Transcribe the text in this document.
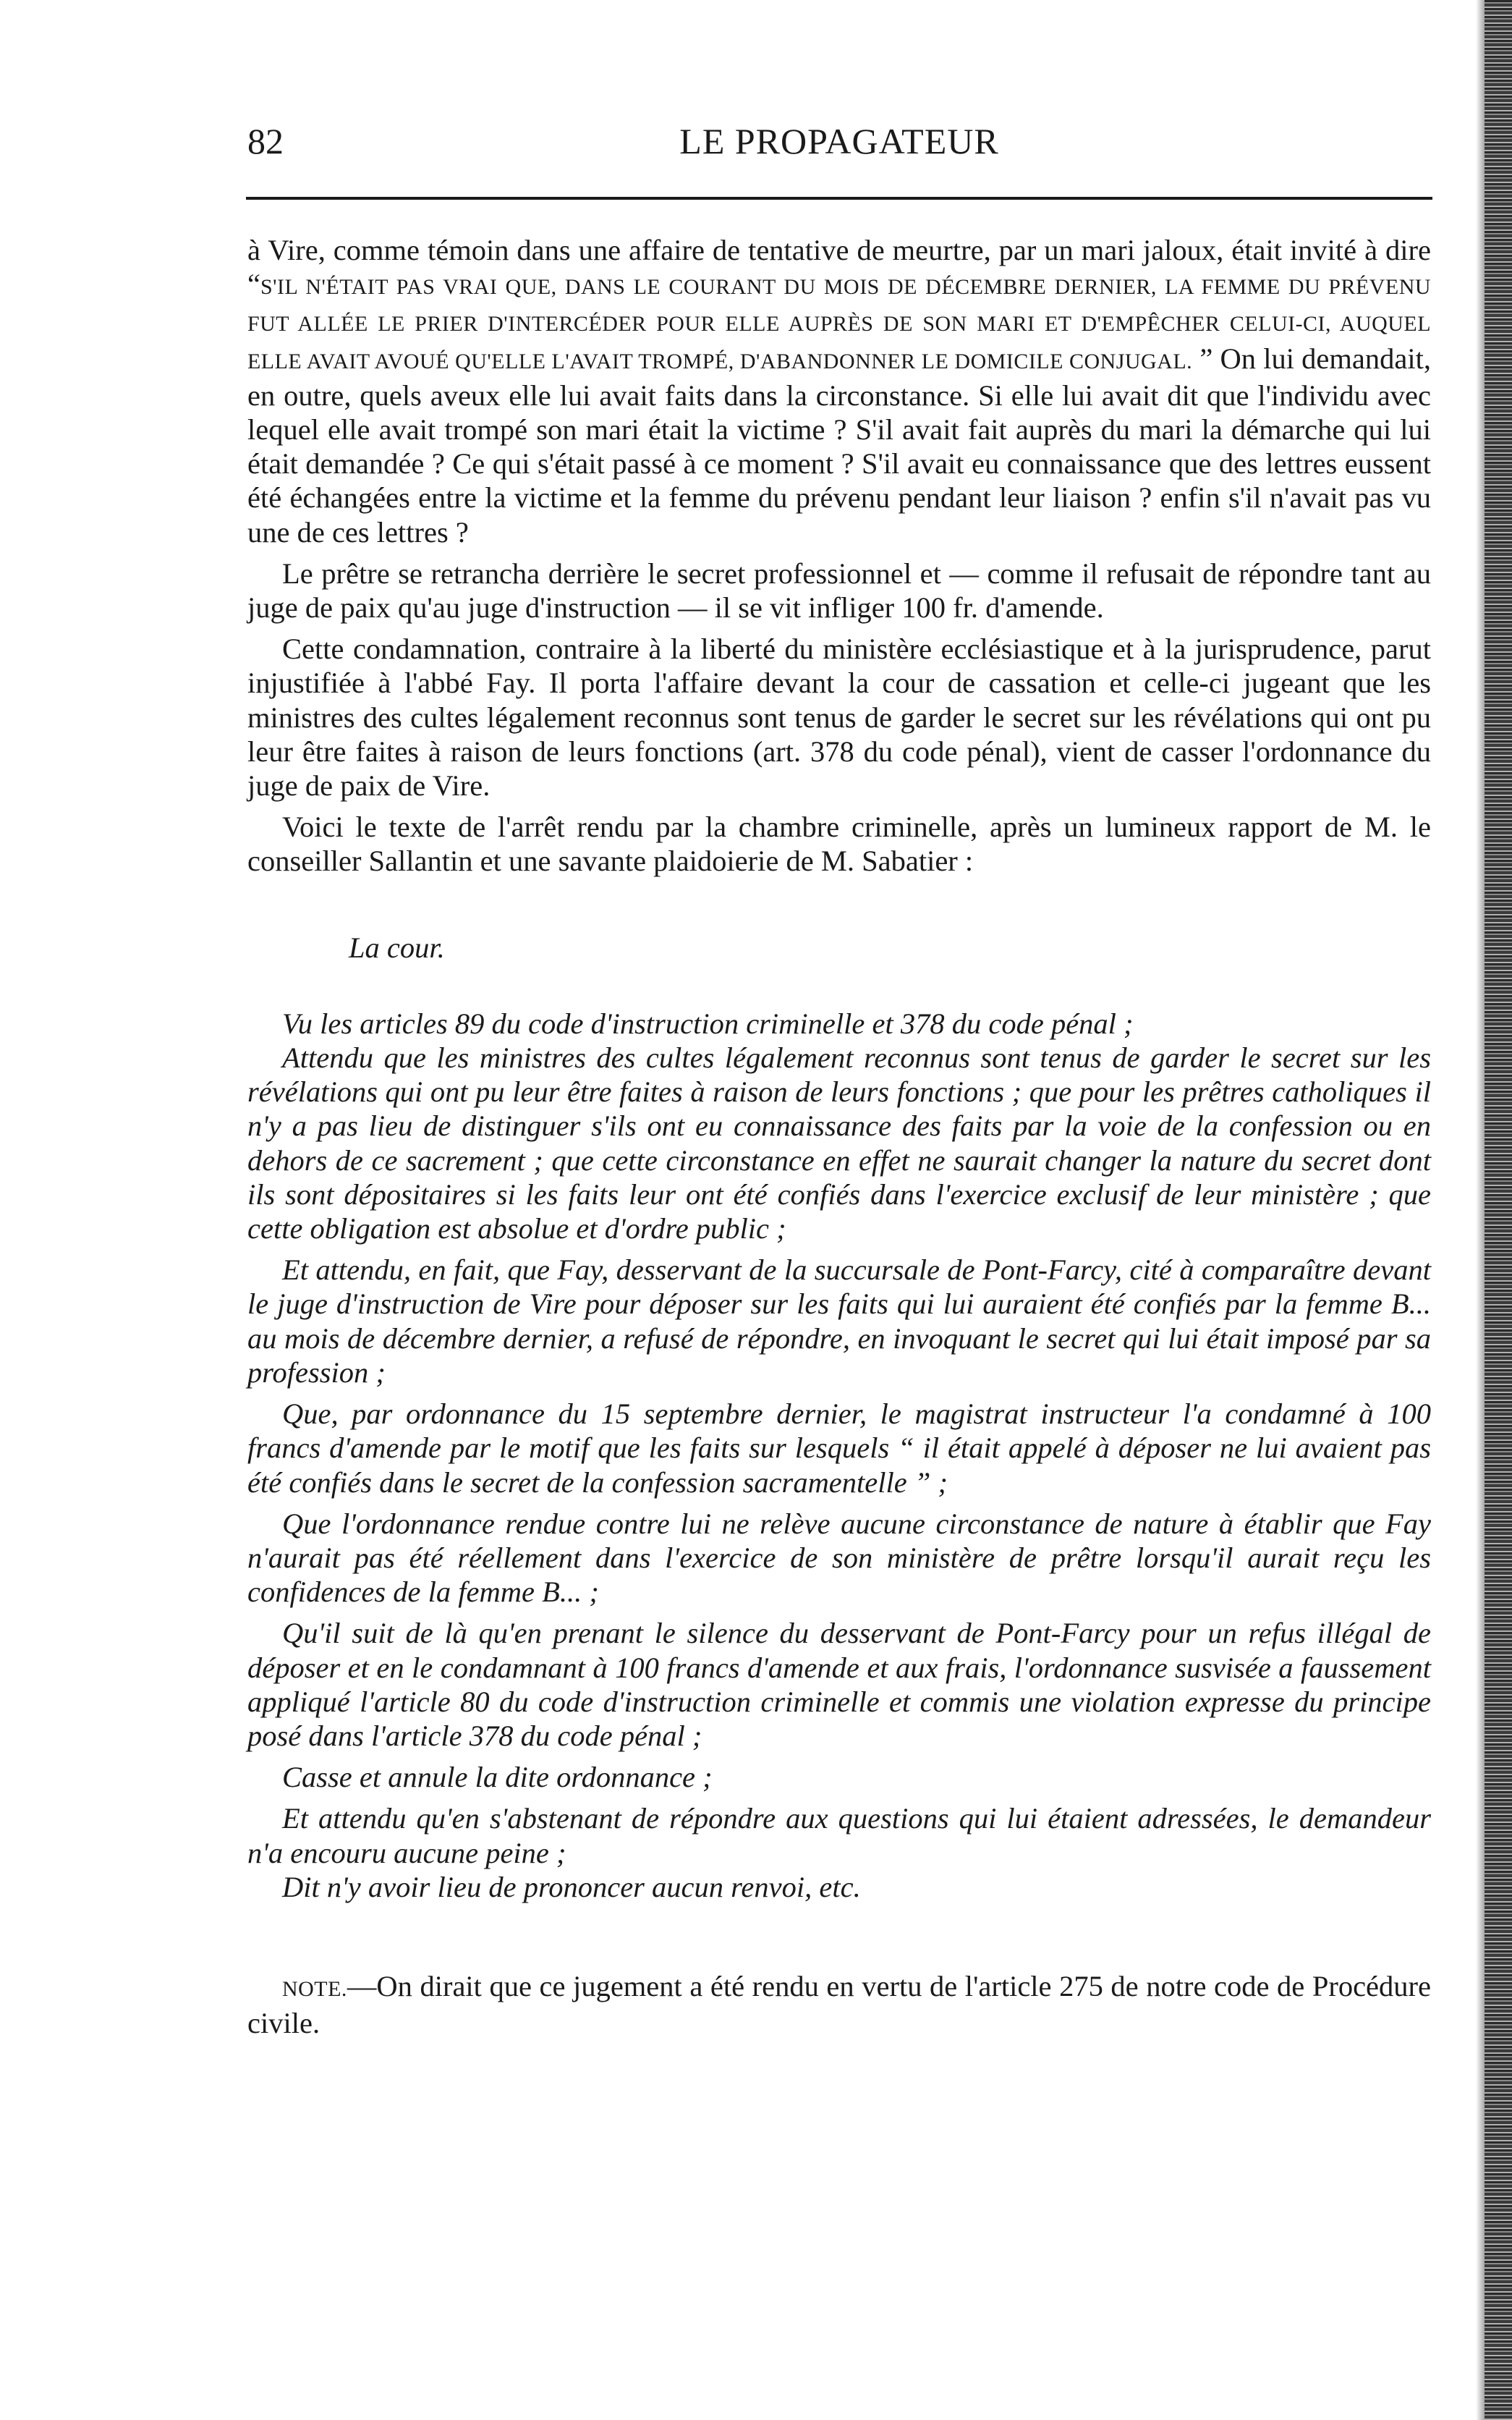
82	LE PROPAGATEUR

à Vire, comme témoin dans une affaire de tentative de meurtre, par un mari jaloux, était invité à dire “S'IL N'ÉTAIT PAS VRAI QUE, DANS LE COURANT DU MOIS DE DÉCEMBRE DERNIER, LA FEMME DU PRÉVENU FUT ALLÉE LE PRIER D'INTERCÉDER POUR ELLE AUPRÈS DE SON MARI ET D'EMPÊCHER CELUI-CI, AUQUEL ELLE AVAIT AVOUÉ QU'ELLE L'AVAIT TROMPÉ, D'ABANDONNER LE DOMICILE CONJUGAL. ” On lui demandait, en outre, quels aveux elle lui avait faits dans la circonstance. Si elle lui avait dit que l'individu avec lequel elle avait trompé son mari était la victime ? S'il avait fait auprès du mari la démarche qui lui était demandée ? Ce qui s'était passé à ce moment ? S'il avait eu connaissance que des lettres eussent été échangées entre la victime et la femme du prévenu pendant leur liaison ? enfin s'il n'avait pas vu une de ces lettres ?

Le prêtre se retrancha derrière le secret professionnel et — comme il refusait de répondre tant au juge de paix qu'au juge d'instruction — il se vit infliger 100 fr. d'amende.

Cette condamnation, contraire à la liberté du ministère ecclésiastique et à la jurisprudence, parut injustifiée à l'abbé Fay. Il porta l'affaire devant la cour de cassation et celle-ci jugeant que les ministres des cultes légalement reconnus sont tenus de garder le secret sur les révélations qui ont pu leur être faites à raison de leurs fonctions (art. 378 du code pénal), vient de casser l'ordonnance du juge de paix de Vire.

Voici le texte de l'arrêt rendu par la chambre criminelle, après un lumineux rapport de M. le conseiller Sallantin et une savante plaidoierie de M. Sabatier :

La cour.

Vu les articles 89 du code d'instruction criminelle et 378 du code pénal ;

Attendu que les ministres des cultes légalement reconnus sont tenus de garder le secret sur les révélations qui ont pu leur être faites à raison de leurs fonctions ; que pour les prêtres catholiques il n'y a pas lieu de distinguer s'ils ont eu connaissance des faits par la voie de la confession ou en dehors de ce sacrement ; que cette circonstance en effet ne saurait changer la nature du secret dont ils sont dépositaires si les faits leur ont été confiés dans l'exercice exclusif de leur ministère ; que cette obligation est absolue et d'ordre public ;

Et attendu, en fait, que Fay, desservant de la succursale de Pont-Farcy, cité à comparaître devant le juge d'instruction de Vire pour déposer sur les faits qui lui auraient été confiés par la femme B... au mois de décembre dernier, a refusé de répondre, en invoquant le secret qui lui était imposé par sa profession ;

Que, par ordonnance du 15 septembre dernier, le magistrat instructeur l'a condamné à 100 francs d'amende par le motif que les faits sur lesquels “ il était appelé à déposer ne lui avaient pas été confiés dans le secret de la confession sacramentelle ” ;

Que l'ordonnance rendue contre lui ne relève aucune circonstance de nature à établir que Fay n'aurait pas été réellement dans l'exercice de son ministère de prêtre lorsqu'il aurait reçu les confidences de la femme B... ;

Qu'il suit de là qu'en prenant le silence du desservant de Pont-Farcy pour un refus illégal de déposer et en le condamnant à 100 francs d'amende et aux frais, l'ordonnance susvisée a faussement appliqué l'article 80 du code d'instruction criminelle et commis une violation expresse du principe posé dans l'article 378 du code pénal ;

Casse et annule la dite ordonnance ;

Et attendu qu'en s'abstenant de répondre aux questions qui lui étaient adressées, le demandeur n'a encouru aucune peine ;

Dit n'y avoir lieu de prononcer aucun renvoi, etc.

NOTE.—On dirait que ce jugement a été rendu en vertu de l'article 275 de notre code de Procédure civile.
